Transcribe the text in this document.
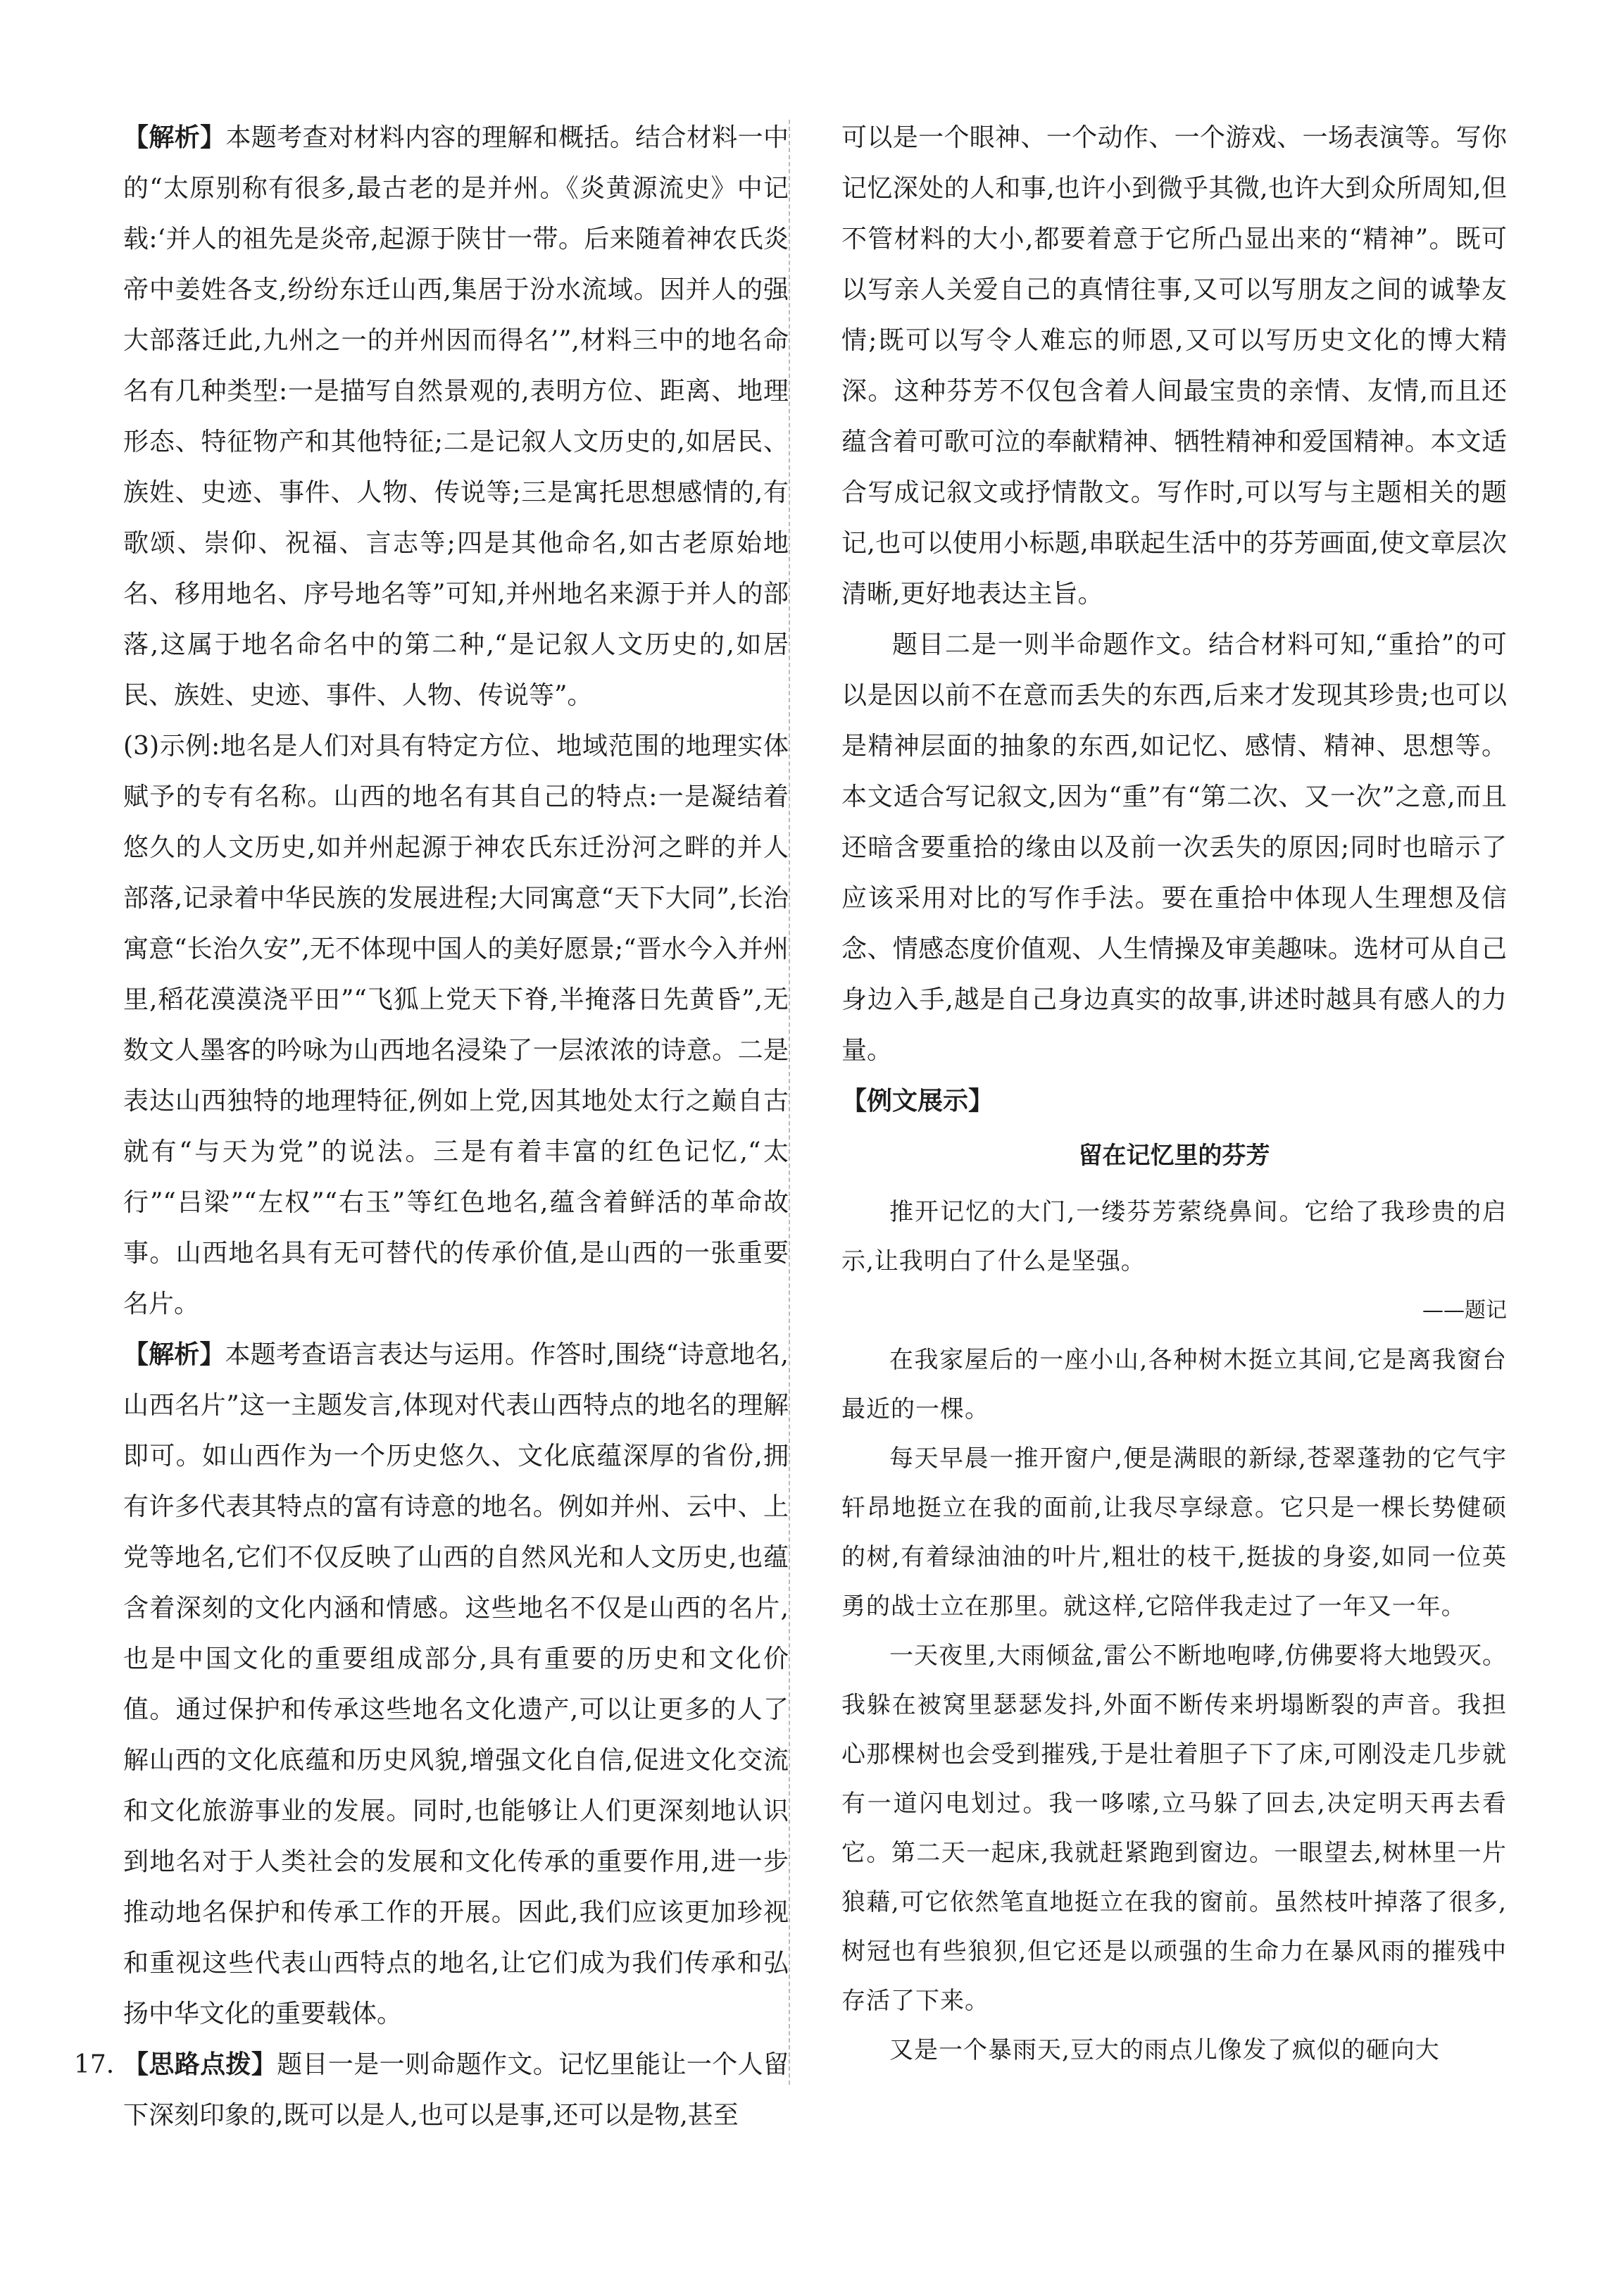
【解析】本题考查对材料内容的理解和概括。结合材料一中的“太原别称有很多,最古老的是并州。《炎黄源流史》中记载:‘并人的祖先是炎帝,起源于陕甘一带。后来随着神农氏炎帝中姜姓各支,纷纷东迁山西,集居于汾水流域。因并人的强大部落迁此,九州之一的并州因而得名’”,材料三中的地名命名有几种类型:一是描写自然景观的,表明方位、距离、地理形态、特征物产和其他特征;二是记叙人文历史的,如居民、族姓、史迹、事件、人物、传说等;三是寓托思想感情的,有歌颂、崇仰、祝福、言志等;四是其他命名,如古老原始地名、移用地名、序号地名等”可知,并州地名来源于并人的部落,这属于地名命名中的第二种,“是记叙人文历史的,如居民、族姓、史迹、事件、人物、传说等”。

(3)示例:地名是人们对具有特定方位、地域范围的地理实体赋予的专有名称。山西的地名有其自己的特点:一是凝结着悠久的人文历史,如并州起源于神农氏东迁汾河之畔的并人部落,记录着中华民族的发展进程;大同寓意“天下大同”,长治寓意“长治久安”,无不体现中国人的美好愿景;“晋水今入并州里,稻花漠漠浇平田”“飞狐上党天下脊,半掩落日先黄昏”,无数文人墨客的吟咏为山西地名浸染了一层浓浓的诗意。二是表达山西独特的地理特征,例如上党,因其地处太行之巅自古就有“与天为党”的说法。三是有着丰富的红色记忆,“太行”“吕梁”“左权”“右玉”等红色地名,蕴含着鲜活的革命故事。山西地名具有无可替代的传承价值,是山西的一张重要名片。

【解析】本题考查语言表达与运用。作答时,围绕“诗意地名,山西名片”这一主题发言,体现对代表山西特点的地名的理解即可。如山西作为一个历史悠久、文化底蕴深厚的省份,拥有许多代表其特点的富有诗意的地名。例如并州、云中、上党等地名,它们不仅反映了山西的自然风光和人文历史,也蕴含着深刻的文化内涵和情感。这些地名不仅是山西的名片,也是中国文化的重要组成部分,具有重要的历史和文化价值。通过保护和传承这些地名文化遗产,可以让更多的人了解山西的文化底蕴和历史风貌,增强文化自信,促进文化交流和文化旅游事业的发展。同时,也能够让人们更深刻地认识到地名对于人类社会的发展和文化传承的重要作用,进一步推动地名保护和传承工作的开展。因此,我们应该更加珍视和重视这些代表山西特点的地名,让它们成为我们传承和弘扬中华文化的重要载体。

17. 【思路点拨】题目一是一则命题作文。记忆里能让一个人留下深刻印象的,既可以是人,也可以是事,还可以是物,甚至

可以是一个眼神、一个动作、一个游戏、一场表演等。写你记忆深处的人和事,也许小到微乎其微,也许大到众所周知,但不管材料的大小,都要着意于它所凸显出来的“精神”。既可以写亲人关爱自己的真情往事,又可以写朋友之间的诚挚友情;既可以写令人难忘的师恩,又可以写历史文化的博大精深。这种芬芳不仅包含着人间最宝贵的亲情、友情,而且还蕴含着可歌可泣的奉献精神、牺牲精神和爱国精神。本文适合写成记叙文或抒情散文。写作时,可以写与主题相关的题记,也可以使用小标题,串联起生活中的芬芳画面,使文章层次清晰,更好地表达主旨。

题目二是一则半命题作文。结合材料可知,“重拾”的可以是因以前不在意而丢失的东西,后来才发现其珍贵;也可以是精神层面的抽象的东西,如记忆、感情、精神、思想等。本文适合写记叙文,因为“重”有“第二次、又一次”之意,而且还暗含要重拾的缘由以及前一次丢失的原因;同时也暗示了应该采用对比的写作手法。要在重拾中体现人生理想及信念、情感态度价值观、人生情操及审美趣味。选材可从自己身边入手,越是自己身边真实的故事,讲述时越具有感人的力量。

【例文展示】
留在记忆里的芬芳

推开记忆的大门,一缕芬芳萦绕鼻间。它给了我珍贵的启示,让我明白了什么是坚强。

——题记

在我家屋后的一座小山,各种树木挺立其间,它是离我窗台最近的一棵。

每天早晨一推开窗户,便是满眼的新绿,苍翠蓬勃的它气宇轩昂地挺立在我的面前,让我尽享绿意。它只是一棵长势健硕的树,有着绿油油的叶片,粗壮的枝干,挺拔的身姿,如同一位英勇的战士立在那里。就这样,它陪伴我走过了一年又一年。

一天夜里,大雨倾盆,雷公不断地咆哮,仿佛要将大地毁灭。我躲在被窝里瑟瑟发抖,外面不断传来坍塌断裂的声音。我担心那棵树也会受到摧残,于是壮着胆子下了床,可刚没走几步就有一道闪电划过。我一哆嗦,立马躲了回去,决定明天再去看它。第二天一起床,我就赶紧跑到窗边。一眼望去,树林里一片狼藉,可它依然笔直地挺立在我的窗前。虽然枝叶掉落了很多,树冠也有些狼狈,但它还是以顽强的生命力在暴风雨的摧残中存活了下来。

又是一个暴雨天,豆大的雨点儿像发了疯似的砸向大
